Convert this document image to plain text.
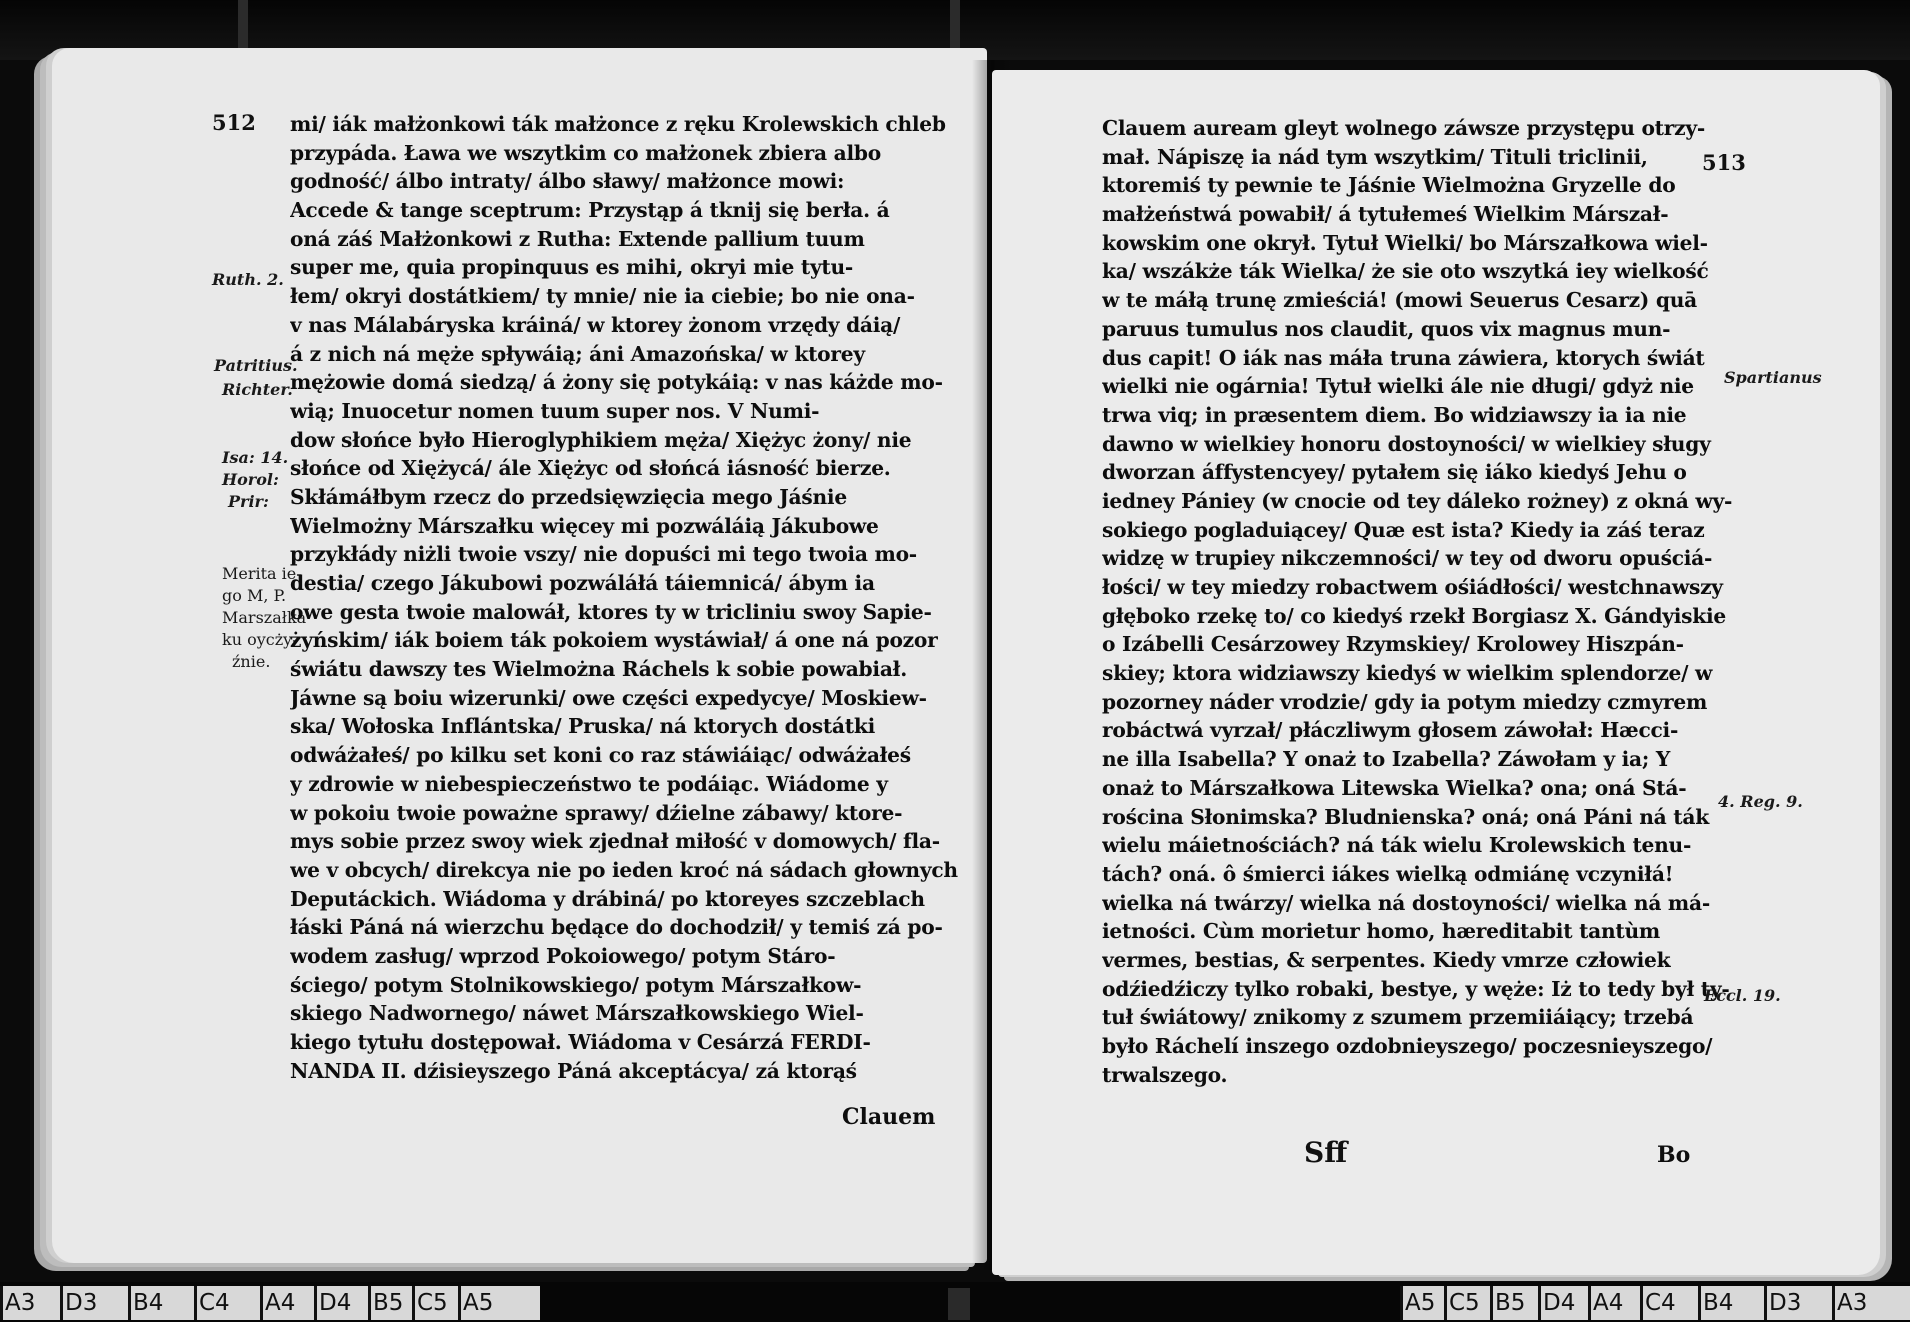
512
Ruth. 2.
Patritius.
Richter.
Isa: 14.
Horol:
Prir:
Merita ie-
go M, P.
Marszałka
ku oycży-
źnie.
mi/ iák małżonkowi ták małżonce z ręku Krolewskich chleb
przypáda. Ława we wszytkim co małżonek zbiera albo
godność/ álbo intraty/ álbo sławy/ małżonce mowi:
Accede & tange sceptrum: Przystąp á tknij się berła. á
oná záś Małżonkowi z Rutha: Extende pallium tuum
super me, quia propinquus es mihi, okryi mie tytu-
łem/ okryi dostátkiem/ ty mnie/ nie ia ciebie; bo nie ona-
v nas Málabáryska kráiná/ w ktorey żonom vrzędy dáią/
á z nich ná męże spływáią; áni Amazońska/ w ktorey
mężowie domá siedzą/ á żony się potykáią: v nas káżde mo-
wią; Inuocetur nomen tuum super nos. V Numi-
dow słońce było Hieroglyphikiem męża/ Xiężyc żony/ nie
słońce od Xiężycá/ ále Xiężyc od słońcá iásność bierze.
Skłámáłbym rzecz do przedsięwzięcia mego Jáśnie
Wielmożny Márszałku więcey mi pozwáláią Jákubowe
przykłády niżli twoie vszy/ nie dopuści mi tego twoia mo-
destia/ czego Jákubowi pozwáláłá táiemnicá/ ábym ia
owe gesta twoie malowáł, ktores ty w tricliniu swoy Sapie-
żyńskim/ iák boiem ták pokoiem wystáwiał/ á one ná pozor
świátu dawszy tes Wielmożna Ráchels k sobie powabiał.
Jáwne są boiu wizerunki/ owe części expedycye/ Moskiew-
ska/ Wołoska Inflántska/ Pruska/ ná ktorych dostátki
odwáżałeś/ po kilku set koni co raz stáwiáiąc/ odwáżałeś
y zdrowie w niebespieczeństwo te podáiąc. Wiádome y
w pokoiu twoie poważne sprawy/ dźielne zábawy/ ktore-
mys sobie przez swoy wiek zjednał miłość v domowych/ fla-
we v obcych/ direkcya nie po ieden kroć ná sádach głownych
Deputáckich. Wiádoma y drábiná/ po ktoreyes szczeblach
łáski Páná ná wierzchu będące do dochodził/ y temiś zá po-
wodem zasług/ wprzod Pokoiowego/ potym Stáro-
ściego/ potym Stolnikowskiego/ potym Márszałkow-
skiego Nadwornego/ náwet Márszałkowskiego Wiel-
kiego tytułu dostępował. Wiádoma v Cesárzá FERDI-
NANDA II. dźisieyszego Páná akceptácya/ zá ktorąś
Clauem
513
Clauem auream gleyt wolnego záwsze przystępu otrzy-
mał. Nápiszę ia nád tym wszytkim/ Tituli triclinii,
ktoremiś ty pewnie te Jáśnie Wielmożna Gryzelle do
małżeństwá powabił/ á tytułemeś Wielkim Márszał-
kowskim one okrył. Tytuł Wielki/ bo Márszałkowa wiel-
ka/ wszákże ták Wielka/ że sie oto wszytká iey wielkość
w te máłą trunę zmieściá! (mowi Seuerus Cesarz) quā
paruus tumulus nos claudit, quos vix magnus mun-
dus capit! O iák nas máła truna záwiera, ktorych świát
wielki nie ogárnia! Tytuł wielki ále nie długi/ gdyż nie
trwa viq; in præsentem diem. Bo widziawszy ia ia nie
dawno w wielkiey honoru dostoyności/ w wielkiey sługy
dworzan áffystencyey/ pytałem się iáko kiedyś Jehu o
iedney Pániey (w cnocie od tey dáleko rożney) z okná wy-
sokiego pogladuiącey/ Quæ est ista? Kiedy ia záś teraz
widzę w trupiey nikczemności/ w tey od dworu opuściá-
łości/ w tey miedzy robactwem ośiádłości/ westchnawszy
głęboko rzekę to/ co kiedyś rzekł Borgiasz X. Gándyiskie
o Izábelli Cesárzowey Rzymskiey/ Krolowey Hiszpán-
skiey; ktora widziawszy kiedyś w wielkim splendorze/ w
pozorney náder vrodzie/ gdy ia potym miedzy czmyrem
robáctwá vyrzał/ płáczliwym głosem záwołał: Hæcci-
ne illa Isabella? Y onaż to Izabella? Záwołam y ia; Y
onaż to Márszałkowa Litewska Wielka? ona; oná Stá-
rościna Słonimska? Bludnienska? oná; oná Páni ná ták
wielu máietnościách? ná ták wielu Krolewskich tenu-
tách? oná. ô śmierci iákes wielką odmiánę vczyniłá!
wielka ná twárzy/ wielka ná dostoyności/ wielka ná má-
ietności. Cùm morietur homo, hæreditabit tantùm
vermes, bestias, & serpentes. Kiedy vmrze człowiek
odźiedźiczy tylko robaki, bestye, y węże: Iż to tedy był ty-
tuł świátowy/ znikomy z szumem przemiiáiący; trzebá
było Ráchelí inszego ozdobnieyszego/ poczesnieyszego/
trwalszego.
Spartianus
4. Reg. 9.
Eccl. 19.
Sff	Bo
A3	D3	B4	C4	A4	D4 B5 C5 A5	A5 C5 B5 D4 A4 C4	B4	D3	A3
